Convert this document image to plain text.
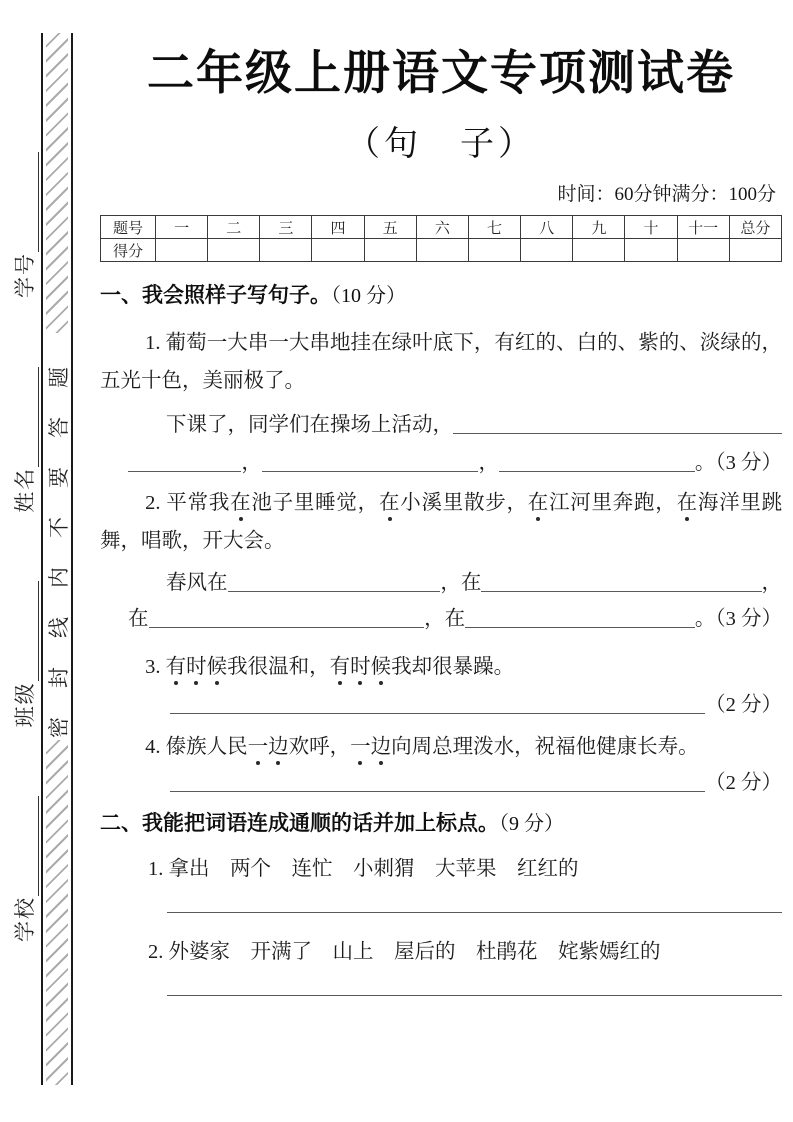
学校
班级
姓名
学号
密封线内不要答题
二年级上册语文专项测试卷
（句　子）
时间：60分钟满分：100分
题号	一	二	三	四	五	六	七	八	九	十	十一	总分
得分												
一、我会照样子写句子。（10 分）

1. 葡萄一大串一大串地挂在绿叶底下，有红的、白的、紫的、淡绿的，五光十色，美丽极了。

下课了，同学们在操场上活动，
，	，	。（3 分）

2. 平常我在池子里睡觉，在小溪里散步，在江河里奔跑，在海洋里跳舞，唱歌，开大会。

春风在	，在	，
在	，在	。（3 分）

3. 有时候我很温和，有时候我却很暴躁。

（2 分）

4. 傣族人民一边欢呼，一边向周总理泼水，祝福他健康长寿。

（2 分）
二、我能把词语连成通顺的话并加上标点。（9 分）
1. 拿出　两个　连忙　小刺猬　大苹果　红红的
2. 外婆家　开满了　山上　屋后的　杜鹃花　姹紫嫣红的
